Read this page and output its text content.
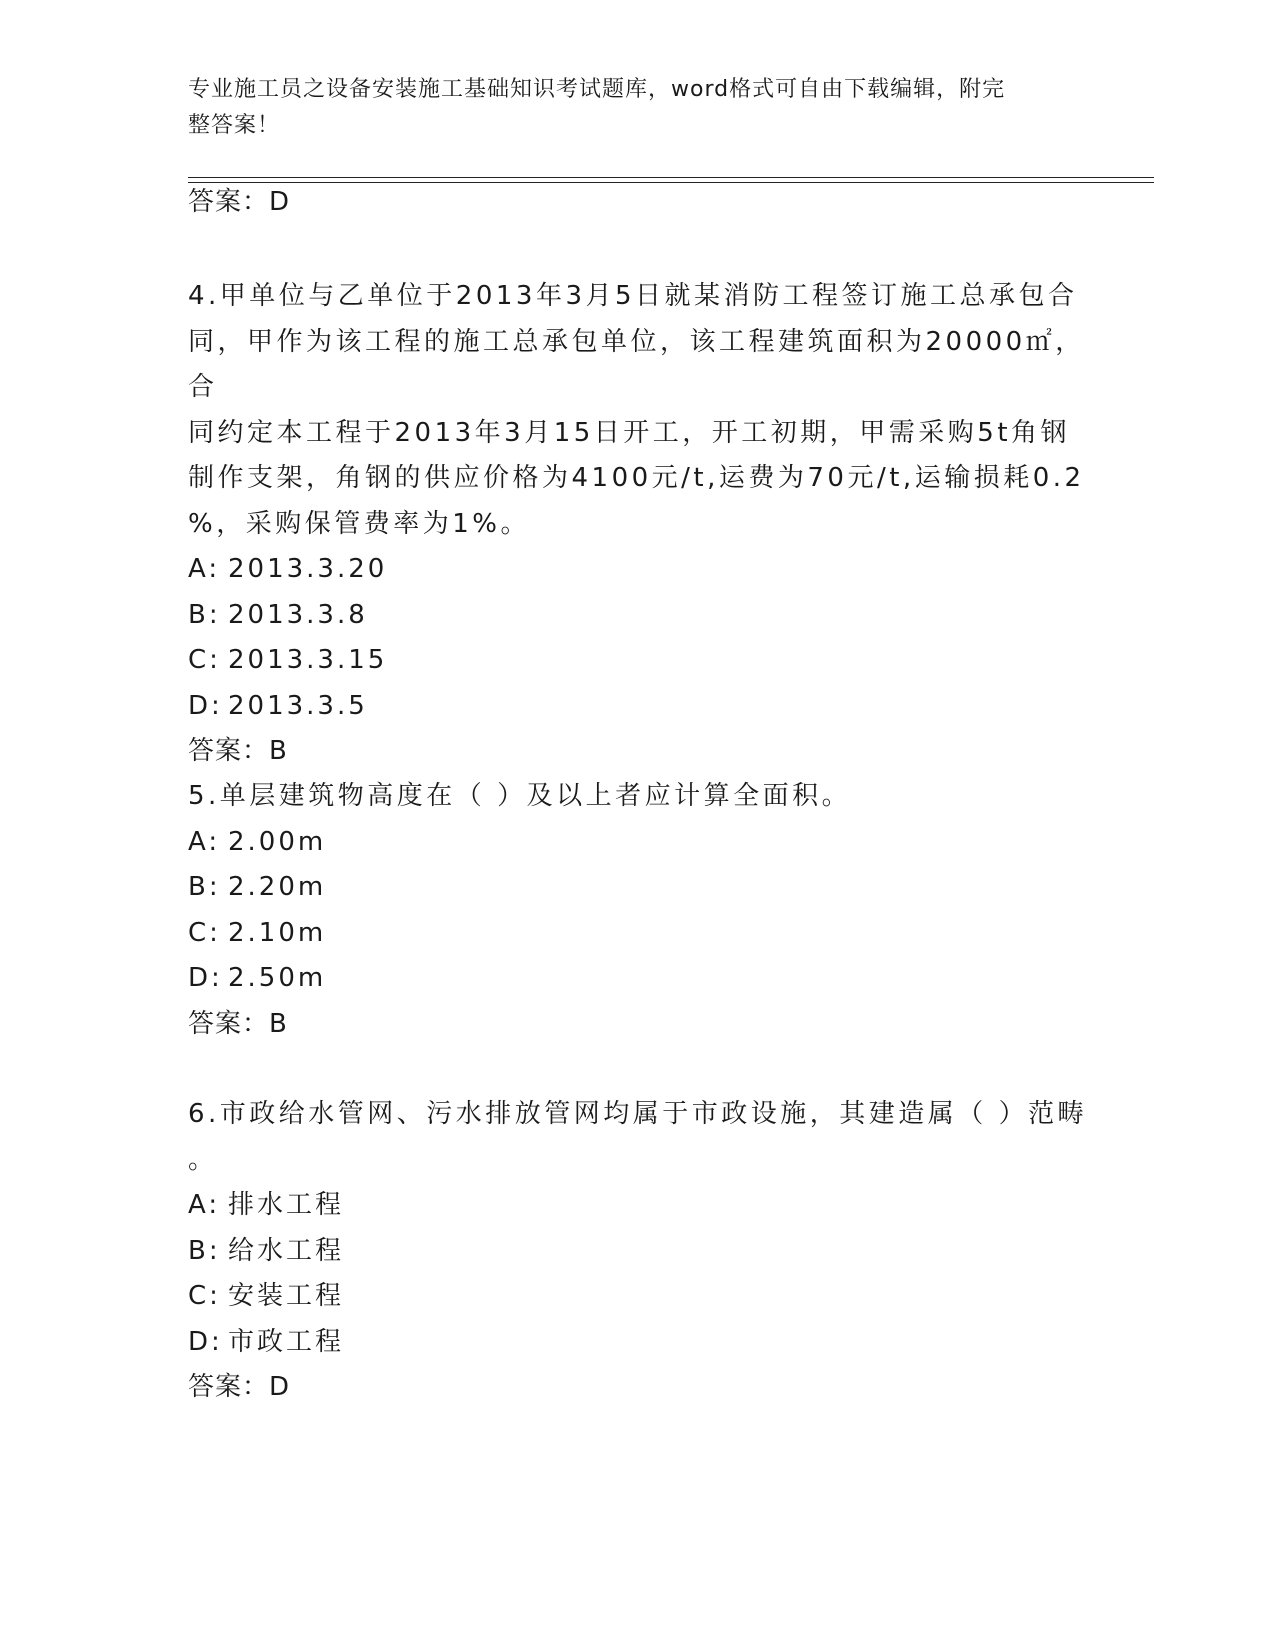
专业施工员之设备安装施工基础知识考试题库，word格式可自由下载编辑，附完
整答案！
答案：D
4.甲单位与乙单位于2013年3月5日就某消防工程签订施工总承包合
同，甲作为该工程的施工总承包单位，该工程建筑面积为20000㎡，合
同约定本工程于2013年3月15日开工，开工初期，甲需采购5t角钢
制作支架，角钢的供应价格为4100元/t,运费为70元/t,运输损耗0.2
%，采购保管费率为1%。
A: 2013.3.20
B: 2013.3.8
C: 2013.3.15
D: 2013.3.5
答案：B
5.单层建筑物高度在（ ）及以上者应计算全面积。
A: 2.00m
B: 2.20m
C: 2.10m
D: 2.50m
答案：B
6.市政给水管网、污水排放管网均属于市政设施，其建造属（ ）范畴
。
A: 排水工程
B: 给水工程
C: 安装工程
D: 市政工程
答案：D
